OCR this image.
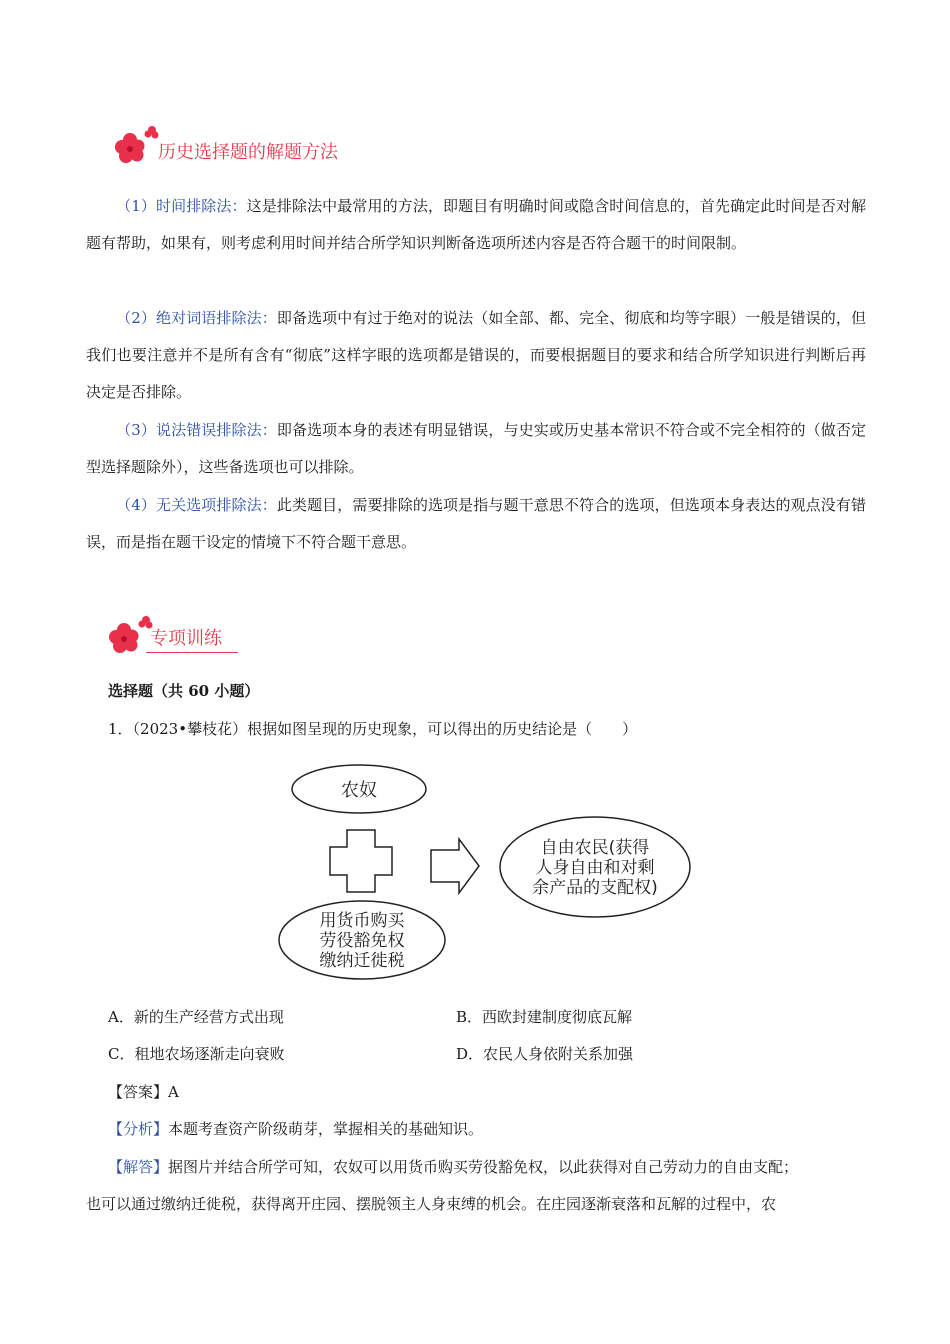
历史选择题的解题方法
（1）时间排除法：这是排除法中最常用的方法，即题目有明确时间或隐含时间信息的，首先确定此时间是否对解题有帮助，如果有，则考虑利用时间并结合所学知识判断备选项所述内容是否符合题干的时间限制。
（2）绝对词语排除法：即备选项中有过于绝对的说法（如全部、都、完全、彻底和均等字眼）一般是错误的，但我们也要注意并不是所有含有“彻底”这样字眼的选项都是错误的，而要根据题目的要求和结合所学知识进行判断后再决定是否排除。
（3）说法错误排除法：即备选项本身的表述有明显错误，与史实或历史基本常识不符合或不完全相符的（做否定型选择题除外），这些备选项也可以排除。
（4）无关选项排除法：此类题目，需要排除的选项是指与题干意思不符合的选项，但选项本身表达的观点没有错误，而是指在题干设定的情境下不符合题干意思。
专项训练
选择题（共 60 小题）
1．（2023•攀枝花）根据如图呈现的历史现象，可以得出的历史结论是（　　）
农奴
用货币购买
劳役豁免权
缴纳迁徙税
自由农民(获得
人身自由和对剩
余产品的支配权)
A．新的生产经营方式出现	B．西欧封建制度彻底瓦解
C．租地农场逐渐走向衰败	D．农民人身依附关系加强
【答案】A
【分析】本题考查资产阶级萌芽，掌握相关的基础知识。
【解答】据图片并结合所学可知，农奴可以用货币购买劳役豁免权，以此获得对自己劳动力的自由支配；
也可以通过缴纳迁徙税，获得离开庄园、摆脱领主人身束缚的机会。在庄园逐渐衰落和瓦解的过程中，农
